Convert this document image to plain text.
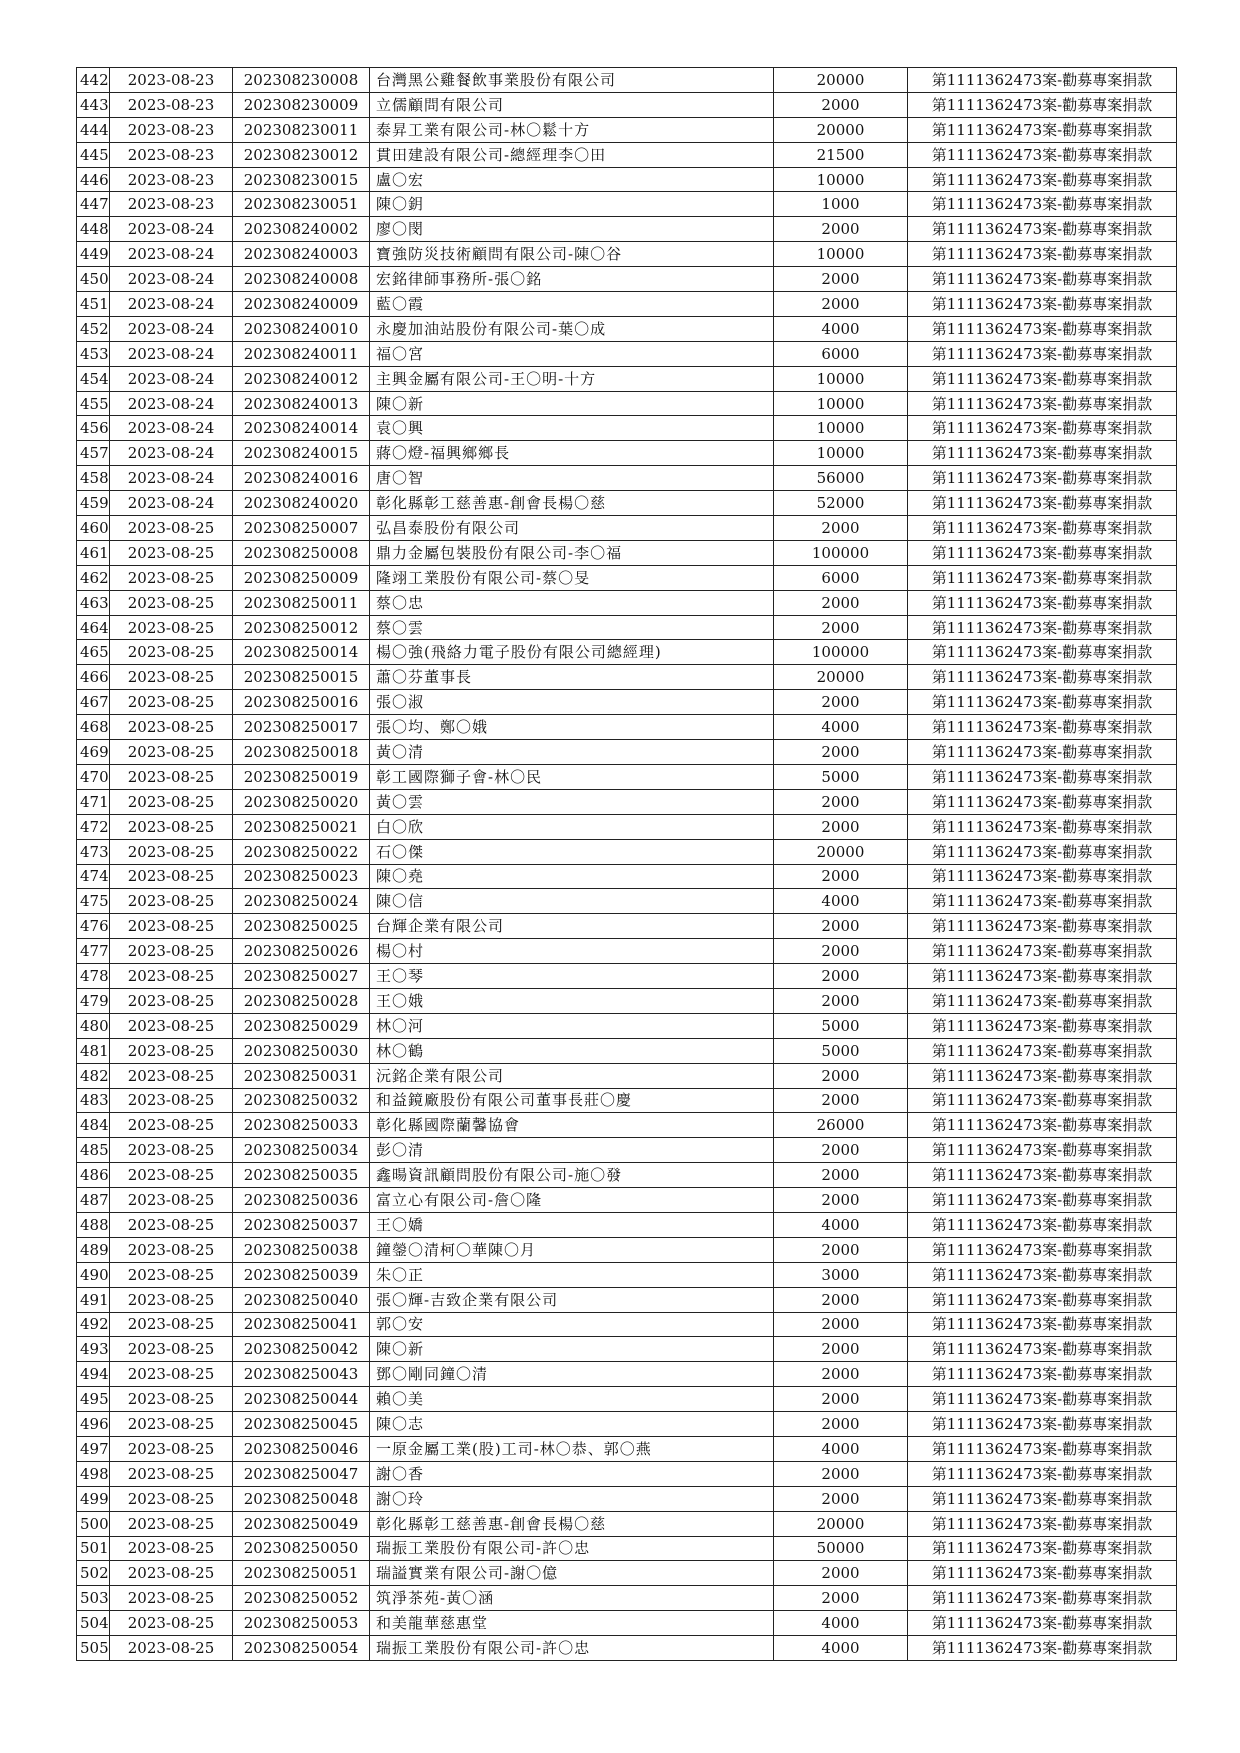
442	2023-08-23	202308230008	台灣黑公雞餐飲事業股份有限公司	20000	第1111362473案-勸募專案捐款
443	2023-08-23	202308230009	立儒顧問有限公司	2000	第1111362473案-勸募專案捐款
444	2023-08-23	202308230011	泰昇工業有限公司-林〇鬆十方	20000	第1111362473案-勸募專案捐款
445	2023-08-23	202308230012	貫田建設有限公司-總經理李〇田	21500	第1111362473案-勸募專案捐款
446	2023-08-23	202308230015	盧〇宏	10000	第1111362473案-勸募專案捐款
447	2023-08-23	202308230051	陳〇鈅	1000	第1111362473案-勸募專案捐款
448	2023-08-24	202308240002	廖〇閔	2000	第1111362473案-勸募專案捐款
449	2023-08-24	202308240003	寶強防災技術顧問有限公司-陳〇谷	10000	第1111362473案-勸募專案捐款
450	2023-08-24	202308240008	宏銘律師事務所-張〇銘	2000	第1111362473案-勸募專案捐款
451	2023-08-24	202308240009	藍〇霞	2000	第1111362473案-勸募專案捐款
452	2023-08-24	202308240010	永慶加油站股份有限公司-葉〇成	4000	第1111362473案-勸募專案捐款
453	2023-08-24	202308240011	福〇宮	6000	第1111362473案-勸募專案捐款
454	2023-08-24	202308240012	主興金屬有限公司-王〇明-十方	10000	第1111362473案-勸募專案捐款
455	2023-08-24	202308240013	陳〇新	10000	第1111362473案-勸募專案捐款
456	2023-08-24	202308240014	袁〇興	10000	第1111362473案-勸募專案捐款
457	2023-08-24	202308240015	蔣〇燈-福興鄉鄉長	10000	第1111362473案-勸募專案捐款
458	2023-08-24	202308240016	唐〇智	56000	第1111362473案-勸募專案捐款
459	2023-08-24	202308240020	彰化縣彰工慈善惠-創會長楊〇慈	52000	第1111362473案-勸募專案捐款
460	2023-08-25	202308250007	弘昌泰股份有限公司	2000	第1111362473案-勸募專案捐款
461	2023-08-25	202308250008	鼎力金屬包裝股份有限公司-李〇福	100000	第1111362473案-勸募專案捐款
462	2023-08-25	202308250009	隆翊工業股份有限公司-蔡〇旻	6000	第1111362473案-勸募專案捐款
463	2023-08-25	202308250011	蔡〇忠	2000	第1111362473案-勸募專案捐款
464	2023-08-25	202308250012	蔡〇雲	2000	第1111362473案-勸募專案捐款
465	2023-08-25	202308250014	楊〇強(飛絡力電子股份有限公司總經理)	100000	第1111362473案-勸募專案捐款
466	2023-08-25	202308250015	蕭〇芬董事長	20000	第1111362473案-勸募專案捐款
467	2023-08-25	202308250016	張〇淑	2000	第1111362473案-勸募專案捐款
468	2023-08-25	202308250017	張〇均、鄭〇娥	4000	第1111362473案-勸募專案捐款
469	2023-08-25	202308250018	黃〇清	2000	第1111362473案-勸募專案捐款
470	2023-08-25	202308250019	彰工國際獅子會-林〇民	5000	第1111362473案-勸募專案捐款
471	2023-08-25	202308250020	黃〇雲	2000	第1111362473案-勸募專案捐款
472	2023-08-25	202308250021	白〇欣	2000	第1111362473案-勸募專案捐款
473	2023-08-25	202308250022	石〇傑	20000	第1111362473案-勸募專案捐款
474	2023-08-25	202308250023	陳〇堯	2000	第1111362473案-勸募專案捐款
475	2023-08-25	202308250024	陳〇信	4000	第1111362473案-勸募專案捐款
476	2023-08-25	202308250025	台輝企業有限公司	2000	第1111362473案-勸募專案捐款
477	2023-08-25	202308250026	楊〇村	2000	第1111362473案-勸募專案捐款
478	2023-08-25	202308250027	王〇琴	2000	第1111362473案-勸募專案捐款
479	2023-08-25	202308250028	王〇娥	2000	第1111362473案-勸募專案捐款
480	2023-08-25	202308250029	林〇河	5000	第1111362473案-勸募專案捐款
481	2023-08-25	202308250030	林〇鶴	5000	第1111362473案-勸募專案捐款
482	2023-08-25	202308250031	沅銘企業有限公司	2000	第1111362473案-勸募專案捐款
483	2023-08-25	202308250032	和益鏡廠股份有限公司董事長莊〇慶	2000	第1111362473案-勸募專案捐款
484	2023-08-25	202308250033	彰化縣國際蘭馨協會	26000	第1111362473案-勸募專案捐款
485	2023-08-25	202308250034	彭〇清	2000	第1111362473案-勸募專案捐款
486	2023-08-25	202308250035	鑫暘資訊顧問股份有限公司-施〇發	2000	第1111362473案-勸募專案捐款
487	2023-08-25	202308250036	富立心有限公司-詹〇隆	2000	第1111362473案-勸募專案捐款
488	2023-08-25	202308250037	王〇嬌	4000	第1111362473案-勸募專案捐款
489	2023-08-25	202308250038	鐘鎣〇清柯〇華陳〇月	2000	第1111362473案-勸募專案捐款
490	2023-08-25	202308250039	朱〇正	3000	第1111362473案-勸募專案捐款
491	2023-08-25	202308250040	張〇輝-吉致企業有限公司	2000	第1111362473案-勸募專案捐款
492	2023-08-25	202308250041	郭〇安	2000	第1111362473案-勸募專案捐款
493	2023-08-25	202308250042	陳〇新	2000	第1111362473案-勸募專案捐款
494	2023-08-25	202308250043	鄧〇剛同鐘〇清	2000	第1111362473案-勸募專案捐款
495	2023-08-25	202308250044	賴〇美	2000	第1111362473案-勸募專案捐款
496	2023-08-25	202308250045	陳〇志	2000	第1111362473案-勸募專案捐款
497	2023-08-25	202308250046	一原金屬工業(股)工司-林〇恭、郭〇燕	4000	第1111362473案-勸募專案捐款
498	2023-08-25	202308250047	謝〇香	2000	第1111362473案-勸募專案捐款
499	2023-08-25	202308250048	謝〇玲	2000	第1111362473案-勸募專案捐款
500	2023-08-25	202308250049	彰化縣彰工慈善惠-創會長楊〇慈	20000	第1111362473案-勸募專案捐款
501	2023-08-25	202308250050	瑞振工業股份有限公司-許〇忠	50000	第1111362473案-勸募專案捐款
502	2023-08-25	202308250051	瑞謚實業有限公司-謝〇億	2000	第1111362473案-勸募專案捐款
503	2023-08-25	202308250052	筑淨茶苑-黃〇涵	2000	第1111362473案-勸募專案捐款
504	2023-08-25	202308250053	和美龍華慈惠堂	4000	第1111362473案-勸募專案捐款
505	2023-08-25	202308250054	瑞振工業股份有限公司-許〇忠	4000	第1111362473案-勸募專案捐款
